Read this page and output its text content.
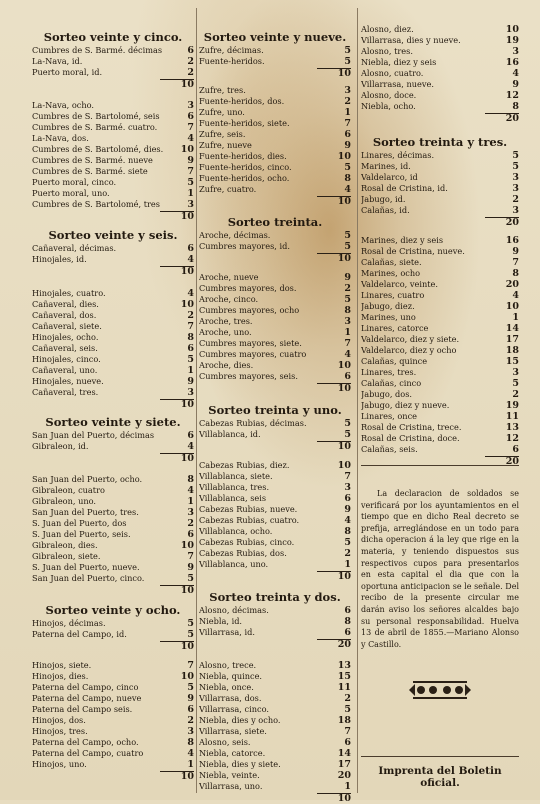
Sorteo veinte y cinco.
Cumbres de S. Barmé. décimas	6
La-Nava, id.	2
Puerto moral, id.	2
10
La-Nava, ocho.	3
Cumbres de S. Bartolomé, seis	6
Cumbres de S. Barmé. cuatro.	7
La-Nava, dos.	4
Cumbres de S. Bartolomé, dies.	10
Cumbres de S. Barmé. nueve	9
Cumbres de S. Barmé. siete	7
Puerto moral, cinco.	5
Puerto moral, uno.	1
Cumbres de S. Bartolomé, tres	3
10
Sorteo veinte y seis.
Cañaveral, décimas.	6
Hinojales, id.	4
10
Hinojales, cuatro.	4
Cañaveral, dies.	10
Cañaveral, dos.	2
Cañaveral, siete.	7
Hinojales, ocho.	8
Cañaveral, seis.	6
Hinojales, cinco.	5
Cañaveral, uno.	1
Hinojales, nueve.	9
Cañaveral, tres.	3
10
Sorteo veinte y siete.
San Juan del Puerto, décimas	6
Gibraleon, id.	4
10
San Juan del Puerto, ocho.	8
Gibraleon, cuatro	4
Gibraleon, uno.	1
San Juan del Puerto, tres.	3
S. Juan del Puerto, dos	2
S. Juan del Puerto, seis.	6
Gibraleon, dies.	10
Gibraleon, siete.	7
S. Juan del Puerto, nueve.	9
San Juan del Puerto, cinco.	5
10
Sorteo veinte y ocho.
Hinojos, décimas.	5
Paterna del Campo, id.	5
10
Hinojos, siete.	7
Hinojos, dies.	10
Paterna del Campo, cinco	5
Paterna del Campo, nueve	9
Paterna del Campo seis.	6
Hinojos, dos.	2
Hinojos, tres.	3
Paterna del Campo, ocho.	8
Paterna del Campo, cuatro	4
Hinojos, uno.	1
10
Sorteo veinte y nueve.
Zufre, décimas.	5
Fuente-heridos.	5
10
Zufre, tres.	3
Fuente-heridos, dos.	2
Zufre, uno.	1
Fuente-heridos, siete.	7
Zufre, seis.	6
Zufre, nueve	9
Fuente-heridos, dies.	10
Fuente-heridos, cinco.	5
Fuente-heridos, ocho.	8
Zufre, cuatro.	4
10
Sorteo treinta.
Aroche, décimas.	5
Cumbres mayores, id.	5
10
Aroche, nueve	9
Cumbres mayores, dos.	2
Aroche, cinco.	5
Cumbres mayores, ocho	8
Aroche, tres.	3
Aroche, uno.	1
Cumbres mayores, siete.	7
Cumbres mayores, cuatro	4
Aroche, dies.	10
Cumbres mayores, seis.	6
10
Sorteo treinta y uno.
Cabezas Rubias, décimas.	5
Villablanca, id.	5
10
Cabezas Rubias, diez.	10
Villablanca, siete.	7
Villablanca, tres.	3
Villablanca, seis	6
Cabezas Rubias, nueve.	9
Cabezas Rubias, cuatro.	4
Villablanca, ocho.	8
Cabezas Rubias, cinco.	5
Cabezas Rubias, dos.	2
Villablanca, uno.	1
10
Sorteo treinta y dos.
Alosno, décimas.	6
Niebla, id.	8
Villarrasa, id.	6
20
Alosno, trece.	13
Niebla, quince.	15
Niebla, once.	11
Villarrasa, dos.	2
Villarrasa, cinco.	5
Niebla, dies y ocho.	18
Villarrasa, siete.	7
Alosno, seis.	6
Niebla, catorce.	14
Niebla, dies y siete.	17
Niebla, veinte.	20
Villarrasa, uno.	1
10
La declaracion de soldados se verificará por los ayuntamientos en el tiempo que en dicho Real decreto se prefija, arreglándose en un todo para dicha operacion á la ley que rige en la materia, y teniendo dispuestos sus respectivos cupos para presentarlos en esta capital el dia que con la oportuna anticipacion se le señale. Del recibo de la presente circular me darán aviso los señores alcaldes bajo su personal responsabilidad. Huelva 13 de abril de 1855.—Mariano Alonso y Castillo.
Imprenta del Boletin oficial.
Alosno, diez.	10
Villarrasa, dies y nueve.	19
Alosno, tres.	3
Niebla, diez y seis	16
Alosno, cuatro.	4
Villarrasa, nueve.	9
Alosno, doce.	12
Niebla, ocho.	8
20
Sorteo treinta y tres.
Linares, décimas.	5
Marines, id.	5
Valdelarco, id	3
Rosal de Cristina, id.	3
Jabugo, id.	2
Calañas, id.	3
20
Marines, diez y seis	16
Rosal de Cristina, nueve.	9
Calañas, siete.	7
Marines, ocho	8
Valdelarco, veinte.	20
Linares, cuatro	4
Jabugo, diez.	10
Marines, uno	1
Linares, catorce	14
Valdelarco, diez y siete.	17
Valdelarco, diez y ocho	18
Calañas, quince	15
Linares, tres.	3
Calañas, cinco	5
Jabugo, dos.	2
Jabugo, diez y nueve.	19
Linares, once	11
Rosal de Cristina, trece.	13
Rosal de Cristina, doce.	12
Calañas, seis.	6
20
